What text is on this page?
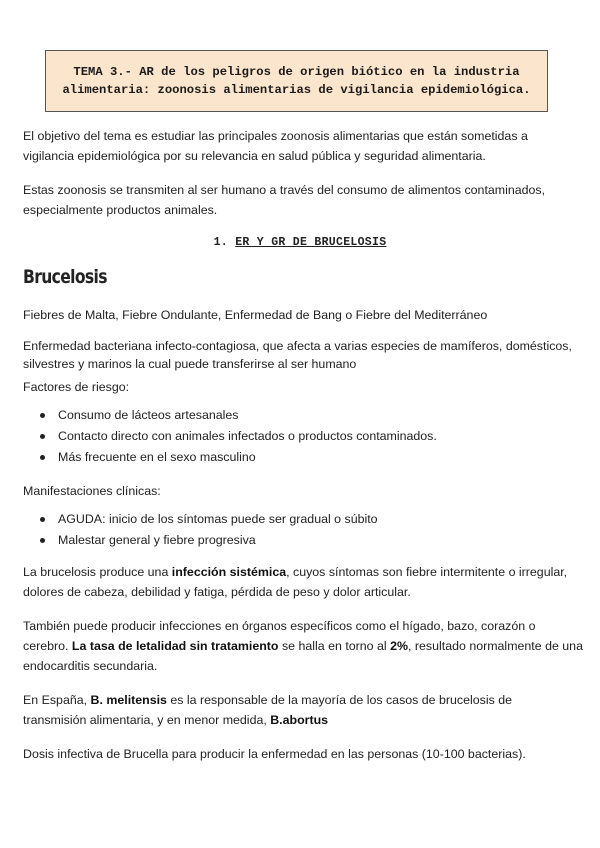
TEMA 3.- AR de los peligros de origen biótico en la industria alimentaria: zoonosis alimentarias de vigilancia epidemiológica.

El objetivo del tema es estudiar las principales zoonosis alimentarias que están sometidas a vigilancia epidemiológica por su relevancia en salud pública y seguridad alimentaria.

Estas zoonosis se transmiten al ser humano a través del consumo de alimentos contaminados, especialmente productos animales.

1. ER Y GR DE BRUCELOSIS
Brucelosis

Fiebres de Malta, Fiebre Ondulante, Enfermedad de Bang o Fiebre del Mediterráneo

Enfermedad bacteriana infecto-contagiosa, que afecta a varias especies de mamíferos, domésticos, silvestres y marinos la cual puede transferirse al ser humano

Factores de riesgo:

Consumo de lácteos artesanales
Contacto directo con animales infectados o productos contaminados.
Más frecuente en el sexo masculino

Manifestaciones clínicas:

AGUDA: inicio de los síntomas puede ser gradual o súbito
Malestar general y fiebre progresiva

La brucelosis produce una infección sistémica, cuyos síntomas son fiebre intermitente o irregular, dolores de cabeza, debilidad y fatiga, pérdida de peso y dolor articular.

También puede producir infecciones en órganos específicos como el hígado, bazo, corazón o cerebro. La tasa de letalidad sin tratamiento se halla en torno al 2%, resultado normalmente de una endocarditis secundaria.

En España, B. melitensis es la responsable de la mayoría de los casos de brucelosis de transmisión alimentaria, y en menor medida, B.abortus

Dosis infectiva de Brucella para producir la enfermedad en las personas (10-100 bacterias).
